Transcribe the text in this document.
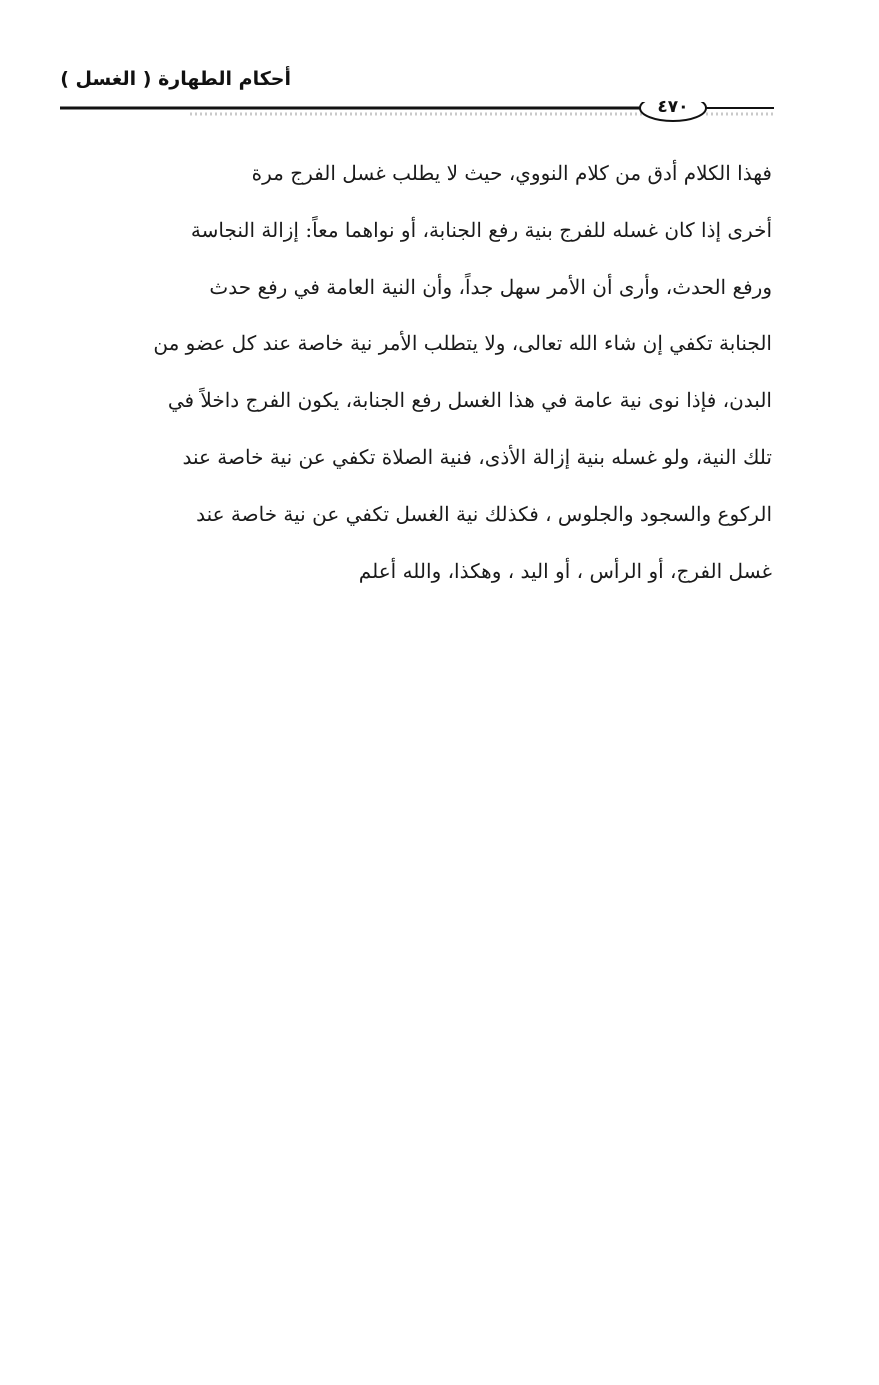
أحكام الطهارة ( الغسل )
٤٧٠
فهذا الكلام أدق من كلام النووي، حيث لا يطلب غسل الفرج مرة
أخرى إذا كان غسله للفرج بنية رفع الجنابة، أو نواهما معاً: إزالة النجاسة
ورفع الحدث، وأرى أن الأمر سهل جداً، وأن النية العامة في رفع حدث
الجنابة تكفي إن شاء الله تعالى، ولا يتطلب الأمر نية خاصة عند كل عضو من
البدن، فإذا نوى نية عامة في هذا الغسل رفع الجنابة، يكون الفرج داخلاً في
تلك النية، ولو غسله بنية إزالة الأذى، فنية الصلاة تكفي عن نية خاصة عند
الركوع والسجود والجلوس ، فكذلك نية الغسل تكفي عن نية خاصة عند
غسل الفرج، أو الرأس ، أو اليد ، وهكذا، والله أعلم
